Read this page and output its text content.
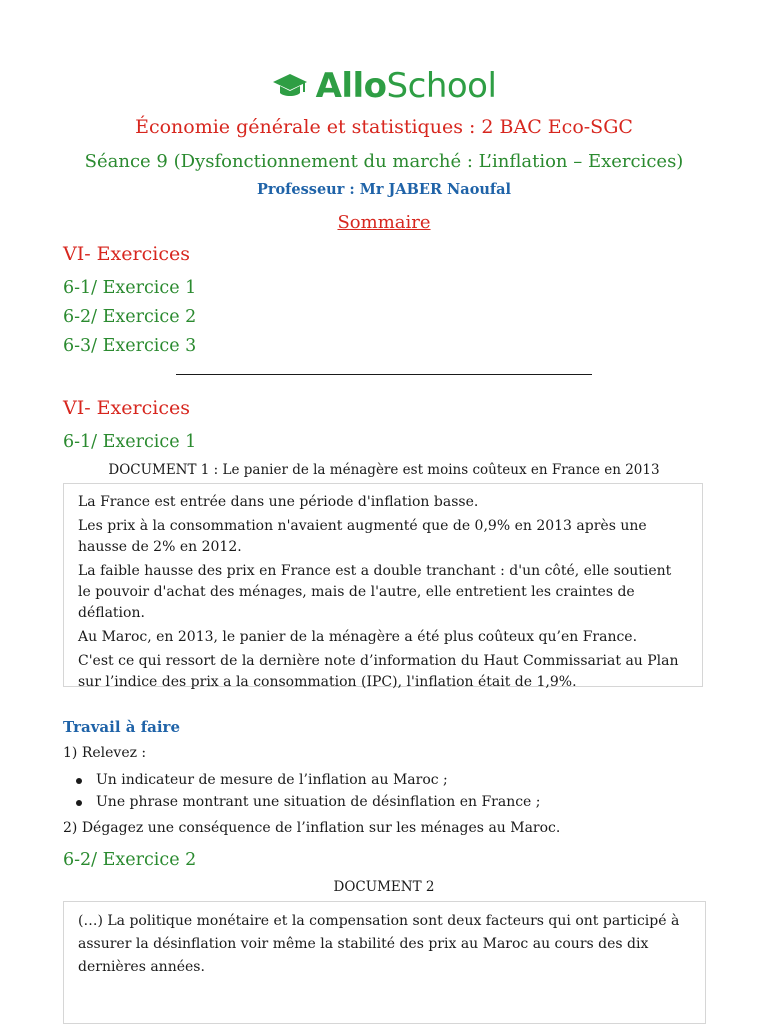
AlloSchool
Économie générale et statistiques : 2 BAC Eco-SGC
Séance 9 (Dysfonctionnement du marché : L’inflation – Exercices)
Professeur : Mr JABER Naoufal
Sommaire
VI- Exercices
6-1/ Exercice 1
6-2/ Exercice 2
6-3/ Exercice 3
VI- Exercices
6-1/ Exercice 1
DOCUMENT 1 : Le panier de la ménagère est moins coûteux en France en 2013

La France est entrée dans une période d'inflation basse.

Les prix à la consommation n'avaient augmenté que de 0,9% en 2013 après une hausse de 2% en 2012.

La faible hausse des prix en France est a double tranchant : d'un côté, elle soutient le pouvoir d'achat des ménages, mais de l'autre, elle entretient les craintes de déflation.

Au Maroc, en 2013, le panier de la ménagère a été plus coûteux qu’en France.

C'est ce qui ressort de la dernière note d’information du Haut Commissariat au Plan sur l’indice des prix a la consommation (IPC), l'inflation était de 1,9%.

Travail à faire
1) Relevez :
Un indicateur de mesure de l’inflation au Maroc ;
Une phrase montrant une situation de désinflation en France ;
2) Dégagez une conséquence de l’inflation sur les ménages au Maroc.
6-2/ Exercice 2
DOCUMENT 2

(…) La politique monétaire et la compensation sont deux facteurs qui ont participé à assurer la désinflation voir même la stabilité des prix au Maroc au cours des dix dernières années.
